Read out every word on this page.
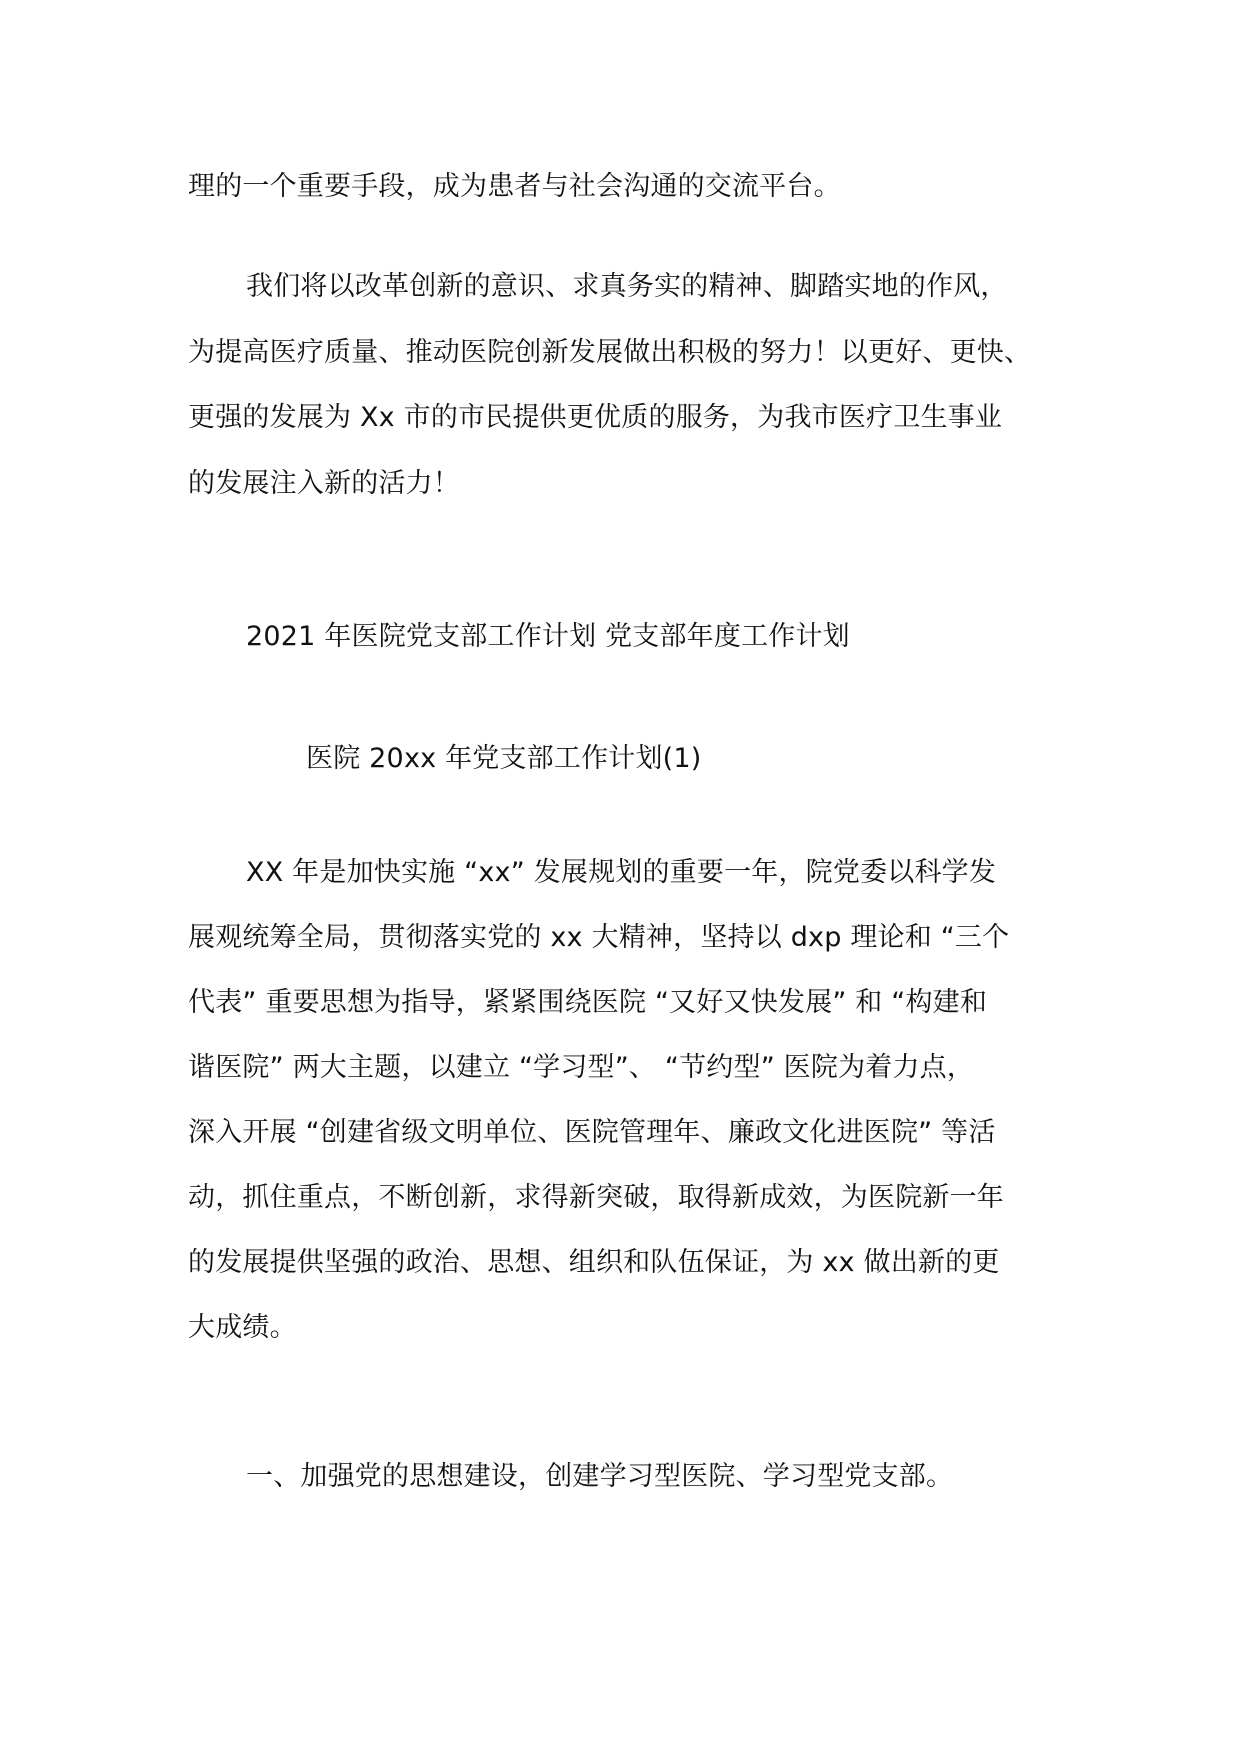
理的一个重要手段，成为患者与社会沟通的交流平台。
我们将以改革创新的意识、求真务实的精神、脚踏实地的作风，
为提高医疗质量、推动医院创新发展做出积极的努力！以更好、更快、
更强的发展为 Xx 市的市民提供更优质的服务，为我市医疗卫生事业
的发展注入新的活力！
2021 年医院党支部工作计划 党支部年度工作计划
医院 20xx 年党支部工作计划(1)
XX 年是加快实施 “xx” 发展规划的重要一年，院党委以科学发
展观统筹全局，贯彻落实党的 xx 大精神，坚持以 dxp 理论和 “三个
代表” 重要思想为指导，紧紧围绕医院 “又好又快发展” 和 “构建和
谐医院” 两大主题，以建立 “学习型”、 “节约型” 医院为着力点，
深入开展 “创建省级文明单位、医院管理年、廉政文化进医院” 等活
动，抓住重点，不断创新，求得新突破，取得新成效，为医院新一年
的发展提供坚强的政治、思想、组织和队伍保证，为 xx 做出新的更
大成绩。
一、加强党的思想建设，创建学习型医院、学习型党支部。
